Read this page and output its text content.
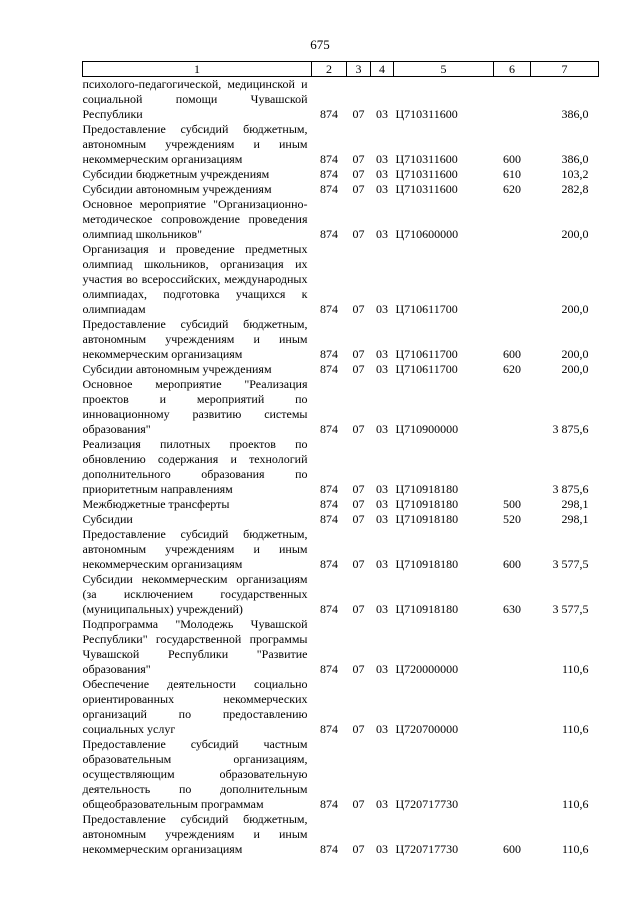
675
1	2	3	4	5	6	7
психолого-педагогической, медицинской и социальной помощи Чувашской Республики	874	07	03	Ц710311600		386,0
Предоставление субсидий бюджетным, автономным учреждениям и иным некоммерческим организациям	874	07	03	Ц710311600	600	386,0
Субсидии бюджетным учреждениям	874	07	03	Ц710311600	610	103,2
Субсидии автономным учреждениям	874	07	03	Ц710311600	620	282,8
Основное мероприятие "Организационно-методическое сопровождение проведения олимпиад школьников"	874	07	03	Ц710600000		200,0
Организация и проведение предметных олимпиад школьников, организация их участия во всероссийских, международных олимпиадах, подготовка учащихся к олимпиадам	874	07	03	Ц710611700		200,0
Предоставление субсидий бюджетным, автономным учреждениям и иным некоммерческим организациям	874	07	03	Ц710611700	600	200,0
Субсидии автономным учреждениям	874	07	03	Ц710611700	620	200,0
Основное мероприятие "Реализация проектов и мероприятий по инновационному развитию системы образования"	874	07	03	Ц710900000		3 875,6
Реализация пилотных проектов по обновлению содержания и технологий дополнительного образования по приоритетным направлениям	874	07	03	Ц710918180		3 875,6
Межбюджетные трансферты	874	07	03	Ц710918180	500	298,1
Субсидии	874	07	03	Ц710918180	520	298,1
Предоставление субсидий бюджетным, автономным учреждениям и иным некоммерческим организациям	874	07	03	Ц710918180	600	3 577,5
Субсидии некоммерческим организациям (за исключением государственных (муниципальных) учреждений)	874	07	03	Ц710918180	630	3 577,5
Подпрограмма "Молодежь Чувашской Республики" государственной программы Чувашской Республики "Развитие образования"	874	07	03	Ц720000000		110,6
Обеспечение деятельности социально ориентированных некоммерческих организаций по предоставлению социальных услуг	874	07	03	Ц720700000		110,6
Предоставление субсидий частным образовательным организациям, осуществляющим образовательную деятельность по дополнительным общеобразовательным программам	874	07	03	Ц720717730		110,6
Предоставление субсидий бюджетным, автономным учреждениям и иным некоммерческим организациям	874	07	03	Ц720717730	600	110,6
